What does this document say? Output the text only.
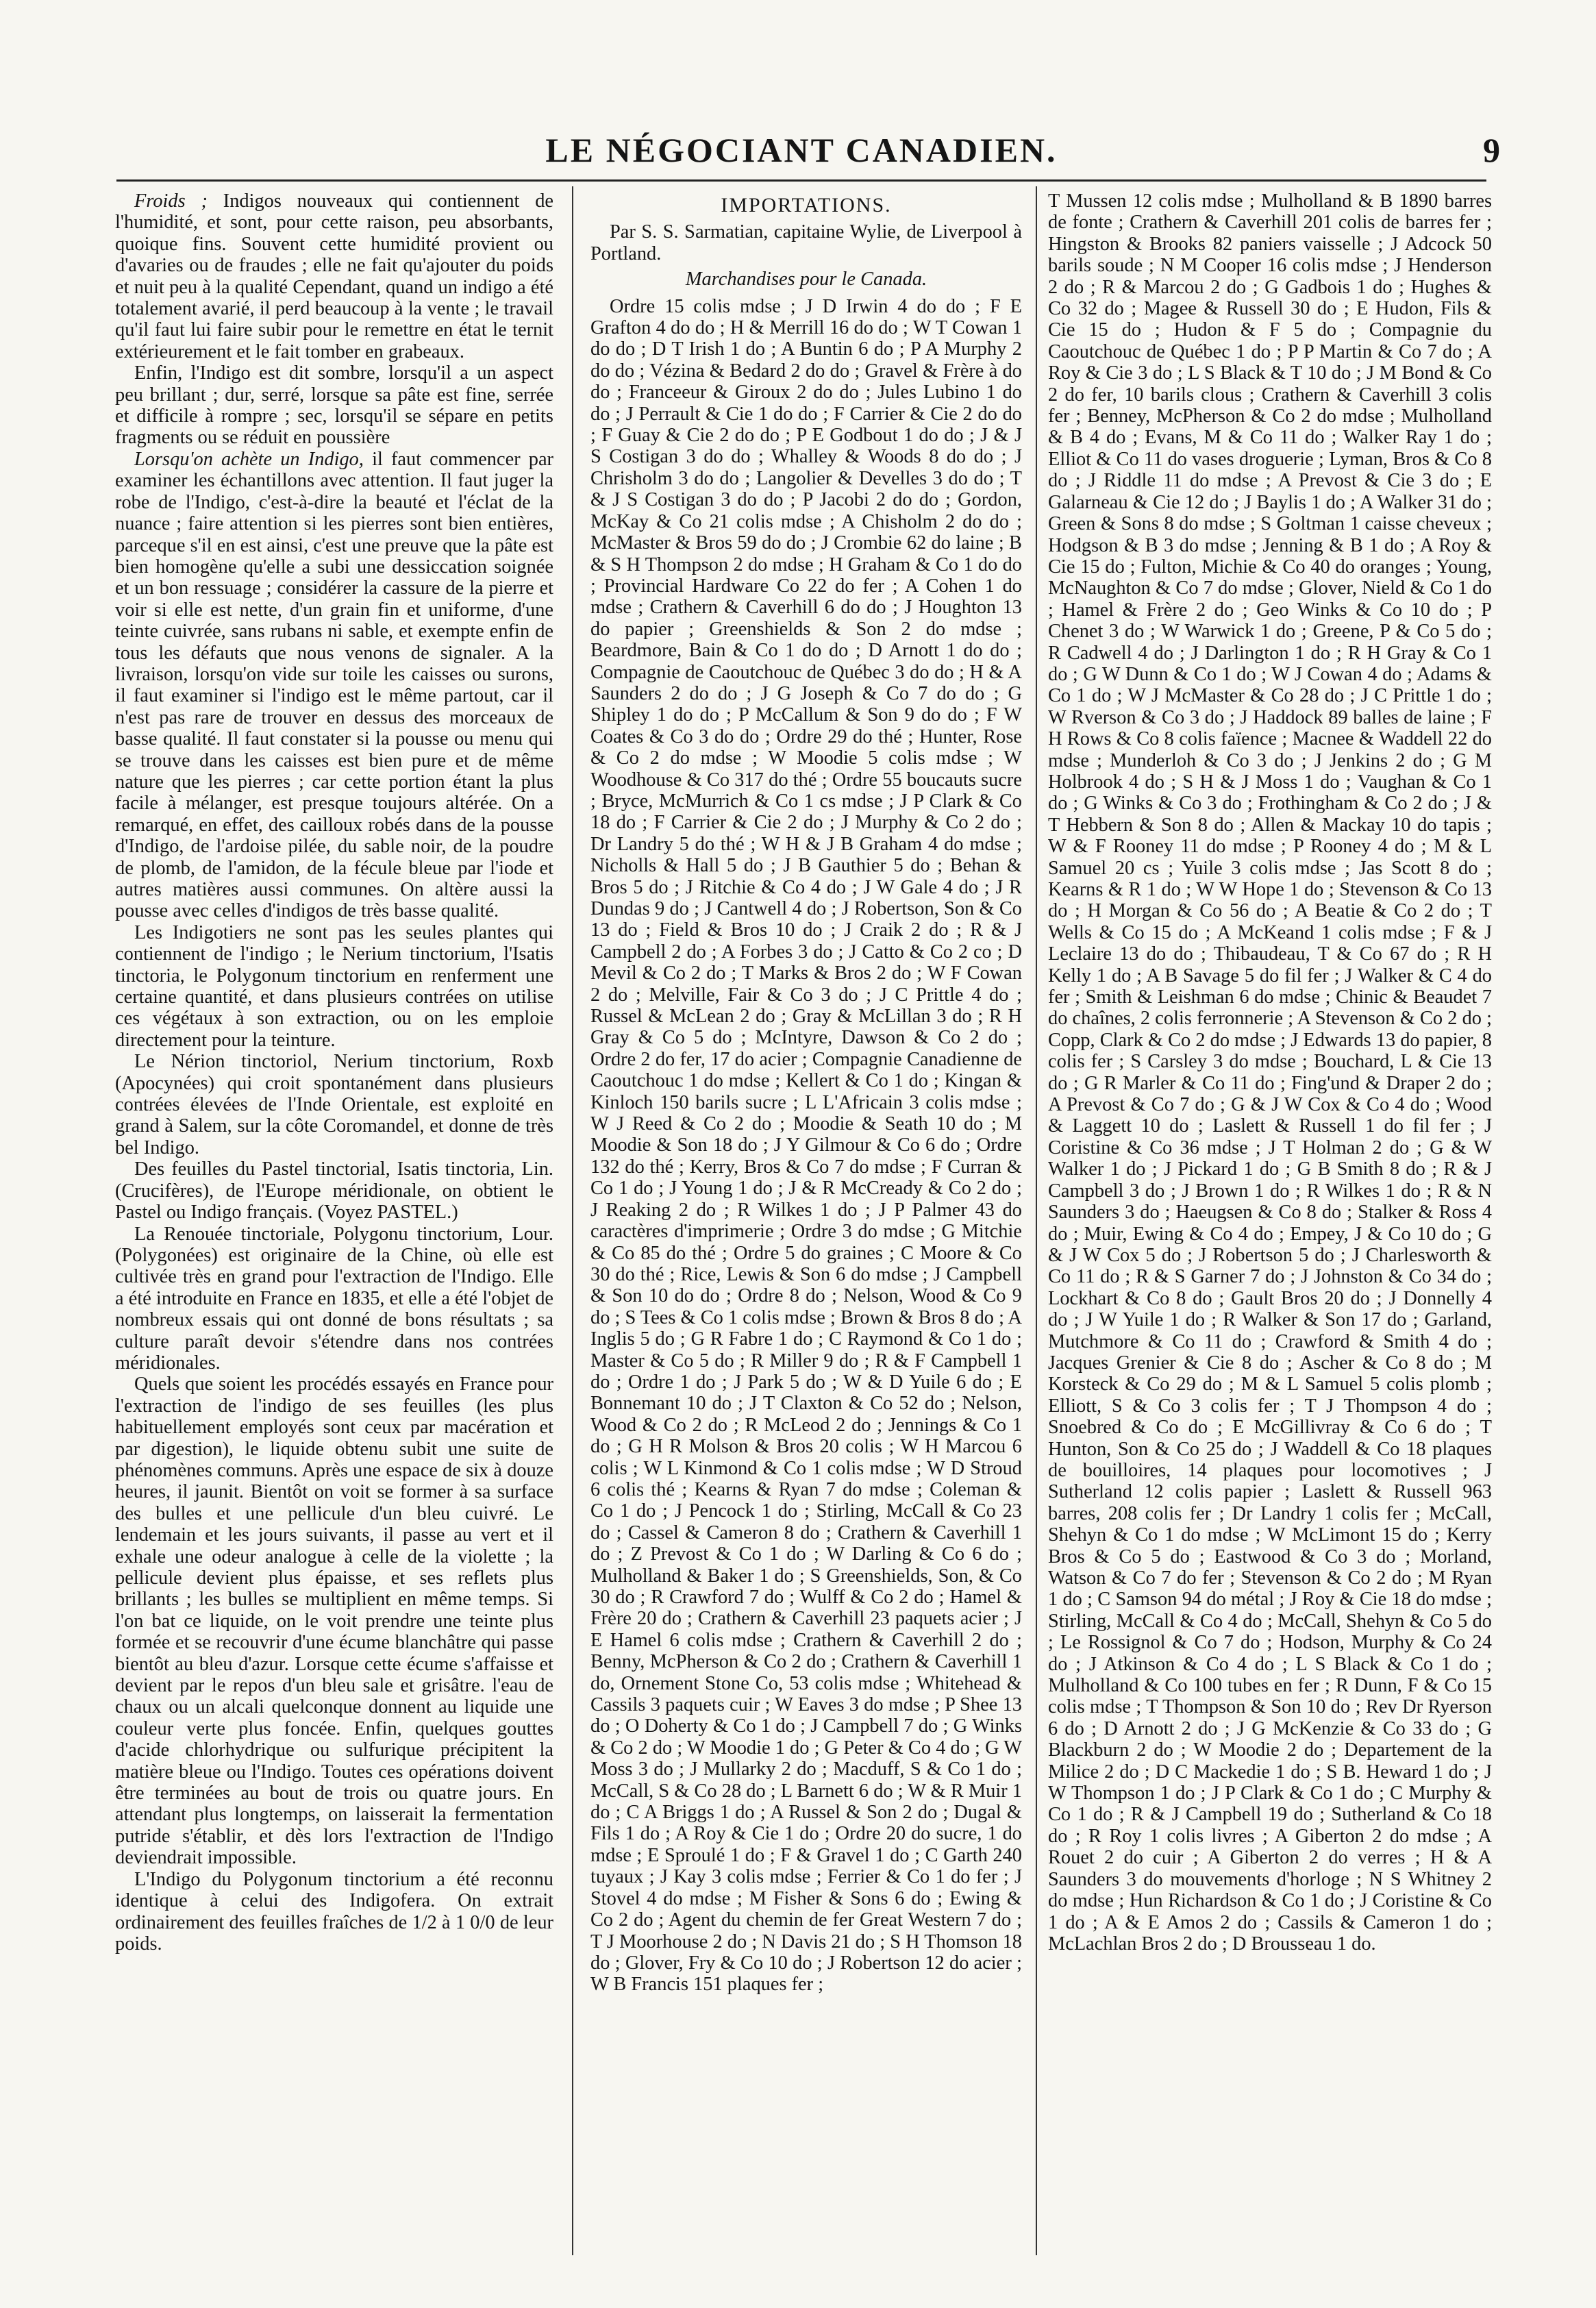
LE NÉGOCIANT CANADIEN.	9

Froids ; Indigos nouveaux qui contiennent de l'humidité, et sont, pour cette raison, peu absorbants, quoique fins. Souvent cette humidité provient ou d'avaries ou de fraudes ; elle ne fait qu'ajouter du poids et nuit peu à la qualité Cependant, quand un indigo a été totalement avarié, il perd beaucoup à la vente ; le travail qu'il faut lui faire subir pour le remettre en état le ternit extérieurement et le fait tomber en grabeaux.

Enfin, l'Indigo est dit sombre, lorsqu'il a un aspect peu brillant ; dur, serré, lorsque sa pâte est fine, serrée et difficile à rompre ; sec, lorsqu'il se sépare en petits fragments ou se réduit en poussière

Lorsqu'on achète un Indigo, il faut commencer par examiner les échantillons avec attention. Il faut juger la robe de l'Indigo, c'est-à-dire la beauté et l'éclat de la nuance ; faire attention si les pierres sont bien entières, parceque s'il en est ainsi, c'est une preuve que la pâte est bien homogène qu'elle a subi une dessiccation soignée et un bon ressuage ; considérer la cassure de la pierre et voir si elle est nette, d'un grain fin et uniforme, d'une teinte cuivrée, sans rubans ni sable, et exempte enfin de tous les défauts que nous venons de signaler. A la livraison, lorsqu'on vide sur toile les caisses ou surons, il faut examiner si l'indigo est le même partout, car il n'est pas rare de trouver en dessus des morceaux de basse qualité. Il faut constater si la pousse ou menu qui se trouve dans les caisses est bien pure et de même nature que les pierres ; car cette portion étant la plus facile à mélanger, est presque toujours altérée. On a remarqué, en effet, des cailloux robés dans de la pousse d'Indigo, de l'ardoise pilée, du sable noir, de la poudre de plomb, de l'amidon, de la fécule bleue par l'iode et autres matières aussi communes. On altère aussi la pousse avec celles d'indigos de très basse qualité.

Les Indigotiers ne sont pas les seules plantes qui contiennent de l'indigo ; le Nerium tinctorium, l'Isatis tinctoria, le Polygonum tinctorium en renferment une certaine quantité, et dans plusieurs contrées on utilise ces végétaux à son extraction, ou on les emploie directement pour la teinture.

Le Nérion tinctoriol, Nerium tinctorium, Roxb (Apocynées) qui croit spontanément dans plusieurs contrées élevées de l'Inde Orientale, est exploité en grand à Salem, sur la côte Coromandel, et donne de très bel Indigo.

Des feuilles du Pastel tinctorial, Isatis tinctoria, Lin. (Crucifères), de l'Europe méridionale, on obtient le Pastel ou Indigo français. (Voyez PASTEL.)

La Renouée tinctoriale, Polygonu tinctorium, Lour. (Polygonées) est originaire de la Chine, où elle est cultivée très en grand pour l'extraction de l'Indigo. Elle a été introduite en France en 1835, et elle a été l'objet de nombreux essais qui ont donné de bons résultats ; sa culture paraît devoir s'étendre dans nos contrées méridionales.

Quels que soient les procédés essayés en France pour l'extraction de l'indigo de ses feuilles (les plus habituellement employés sont ceux par macération et par digestion), le liquide obtenu subit une suite de phénomènes communs. Après une espace de six à douze heures, il jaunit. Bientôt on voit se former à sa surface des bulles et une pellicule d'un bleu cuivré. Le lendemain et les jours suivants, il passe au vert et il exhale une odeur analogue à celle de la violette ; la pellicule devient plus épaisse, et ses reflets plus brillants ; les bulles se multiplient en même temps. Si l'on bat ce liquide, on le voit prendre une teinte plus formée et se recouvrir d'une écume blanchâtre qui passe bientôt au bleu d'azur. Lorsque cette écume s'affaisse et devient par le repos d'un bleu sale et grisâtre. l'eau de chaux ou un alcali quelconque donnent au liquide une couleur verte plus foncée. Enfin, quelques gouttes d'acide chlorhydrique ou sulfurique précipitent la matière bleue ou l'Indigo. Toutes ces opérations doivent être terminées au bout de trois ou quatre jours. En attendant plus longtemps, on laisserait la fermentation putride s'établir, et dès lors l'extraction de l'Indigo deviendrait impossible.

L'Indigo du Polygonum tinctorium a été reconnu identique à celui des Indigofera. On extrait ordinairement des feuilles fraîches de 1/2 à 1 0/0 de leur poids.

IMPORTATIONS.

Par S. S. Sarmatian, capitaine Wylie, de Liverpool à Portland.

Marchandises pour le Canada.

Ordre 15 colis mdse ; J D Irwin 4 do do ; F E Grafton 4 do do ; H & Merrill 16 do do ; W T Cowan 1 do do ; D T Irish 1 do ; A Buntin 6 do ; P A Murphy 2 do do ; Vézina & Bedard 2 do do ; Gravel & Frère à do do ; Franceeur & Giroux 2 do do ; Jules Lubino 1 do do ; J Perrault & Cie 1 do do ; F Carrier & Cie 2 do do ; F Guay & Cie 2 do do ; P E Godbout 1 do do ; J & J S Costigan 3 do do ; Whalley & Woods 8 do do ; J Chrisholm 3 do do ; Langolier & Develles 3 do do ; T & J S Costigan 3 do do ; P Jacobi 2 do do ; Gordon, McKay & Co 21 colis mdse ; A Chisholm 2 do do ; McMaster & Bros 59 do do ; J Crombie 62 do laine ; B & S H Thompson 2 do mdse ; H Graham & Co 1 do do ; Provincial Hardware Co 22 do fer ; A Cohen 1 do mdse ; Crathern & Caverhill 6 do do ; J Houghton 13 do papier ; Greenshields & Son 2 do mdse ; Beardmore, Bain & Co 1 do do ; D Arnott 1 do do ; Compagnie de Caoutchouc de Québec 3 do do ; H & A Saunders 2 do do ; J G Joseph & Co 7 do do ; G Shipley 1 do do ; P McCallum & Son 9 do do ; F W Coates & Co 3 do do ; Ordre 29 do thé ; Hunter, Rose & Co 2 do mdse ; W Moodie 5 colis mdse ; W Woodhouse & Co 317 do thé ; Ordre 55 boucauts sucre ; Bryce, McMurrich & Co 1 cs mdse ; J P Clark & Co 18 do ; F Carrier & Cie 2 do ; J Murphy & Co 2 do ; Dr Landry 5 do thé ; W H & J B Graham 4 do mdse ; Nicholls & Hall 5 do ; J B Gauthier 5 do ; Behan & Bros 5 do ; J Ritchie & Co 4 do ; J W Gale 4 do ; J R Dundas 9 do ; J Cantwell 4 do ; J Robertson, Son & Co 13 do ; Field & Bros 10 do ; J Craik 2 do ; R & J Campbell 2 do ; A Forbes 3 do ; J Catto & Co 2 co ; D Mevil & Co 2 do ; T Marks & Bros 2 do ; W F Cowan 2 do ; Melville, Fair & Co 3 do ; J C Prittle 4 do ; Russel & McLean 2 do ; Gray & McLillan 3 do ; R H Gray & Co 5 do ; McIntyre, Dawson & Co 2 do ; Ordre 2 do fer, 17 do acier ; Compagnie Canadienne de Caoutchouc 1 do mdse ; Kellert & Co 1 do ; Kingan & Kinloch 150 barils sucre ; L L'Africain 3 colis mdse ; W J Reed & Co 2 do ; Moodie & Seath 10 do ; M Moodie & Son 18 do ; J Y Gilmour & Co 6 do ; Ordre 132 do thé ; Kerry, Bros & Co 7 do mdse ; F Curran & Co 1 do ; J Young 1 do ; J & R McCready & Co 2 do ; J Reaking 2 do ; R Wilkes 1 do ; J P Palmer 43 do caractères d'imprimerie ; Ordre 3 do mdse ; G Mitchie & Co 85 do thé ; Ordre 5 do graines ; C Moore & Co 30 do thé ; Rice, Lewis & Son 6 do mdse ; J Campbell & Son 10 do do ; Ordre 8 do ; Nelson, Wood & Co 9 do ; S Tees & Co 1 colis mdse ; Brown & Bros 8 do ; A Inglis 5 do ; G R Fabre 1 do ; C Raymond & Co 1 do ; Master & Co 5 do ; R Miller 9 do ; R & F Campbell 1 do ; Ordre 1 do ; J Park 5 do ; W & D Yuile 6 do ; E Bonnemant 10 do ; J T Claxton & Co 52 do ; Nelson, Wood & Co 2 do ; R McLeod 2 do ; Jennings & Co 1 do ; G H R Molson & Bros 20 colis ; W H Marcou 6 colis ; W L Kinmond & Co 1 colis mdse ; W D Stroud 6 colis thé ; Kearns & Ryan 7 do mdse ; Coleman & Co 1 do ; J Pencock 1 do ; Stirling, McCall & Co 23 do ; Cassel & Cameron 8 do ; Crathern & Caverhill 1 do ; Z Prevost & Co 1 do ; W Darling & Co 6 do ; Mulholland & Baker 1 do ; S Greenshields, Son, & Co 30 do ; R Crawford 7 do ; Wulff & Co 2 do ; Hamel & Frère 20 do ; Crathern & Caverhill 23 paquets acier ; J E Hamel 6 colis mdse ; Crathern & Caverhill 2 do ; Benny, McPherson & Co 2 do ; Crathern & Caverhill 1 do, Ornement Stone Co, 53 colis mdse ; Whitehead & Cassils 3 paquets cuir ; W Eaves 3 do mdse ; P Shee 13 do ; O Doherty & Co 1 do ; J Campbell 7 do ; G Winks & Co 2 do ; W Moodie 1 do ; G Peter & Co 4 do ; G W Moss 3 do ; J Mullarky 2 do ; Macduff, S & Co 1 do ; McCall, S & Co 28 do ; L Barnett 6 do ; W & R Muir 1 do ; C A Briggs 1 do ; A Russel & Son 2 do ; Dugal & Fils 1 do ; A Roy & Cie 1 do ; Ordre 20 do sucre, 1 do mdse ; E Sproulé 1 do ; F & Gravel 1 do ; C Garth 240 tuyaux ; J Kay 3 colis mdse ; Ferrier & Co 1 do fer ; J Stovel 4 do mdse ; M Fisher & Sons 6 do ; Ewing & Co 2 do ; Agent du chemin de fer Great Western 7 do ; T J Moorhouse 2 do ; N Davis 21 do ; S H Thomson 18 do ; Glover, Fry & Co 10 do ; J Robertson 12 do acier ; W B Francis 151 plaques fer ;

T Mussen 12 colis mdse ; Mulholland & B 1890 barres de fonte ; Crathern & Caverhill 201 colis de barres fer ; Hingston & Brooks 82 paniers vaisselle ; J Adcock 50 barils soude ; N M Cooper 16 colis mdse ; J Henderson 2 do ; R & Marcou 2 do ; G Gadbois 1 do ; Hughes & Co 32 do ; Magee & Russell 30 do ; E Hudon, Fils & Cie 15 do ; Hudon & F 5 do ; Compagnie du Caoutchouc de Québec 1 do ; P P Martin & Co 7 do ; A Roy & Cie 3 do ; L S Black & T 10 do ; J M Bond & Co 2 do fer, 10 barils clous ; Crathern & Caverhill 3 colis fer ; Benney, McPherson & Co 2 do mdse ; Mulholland & B 4 do ; Evans, M & Co 11 do ; Walker Ray 1 do ; Elliot & Co 11 do vases droguerie ; Lyman, Bros & Co 8 do ; J Riddle 11 do mdse ; A Prevost & Cie 3 do ; E Galarneau & Cie 12 do ; J Baylis 1 do ; A Walker 31 do ; Green & Sons 8 do mdse ; S Goltman 1 caisse cheveux ; Hodgson & B 3 do mdse ; Jenning & B 1 do ; A Roy & Cie 15 do ; Fulton, Michie & Co 40 do oranges ; Young, McNaughton & Co 7 do mdse ; Glover, Nield & Co 1 do ; Hamel & Frère 2 do ; Geo Winks & Co 10 do ; P Chenet 3 do ; W Warwick 1 do ; Greene, P & Co 5 do ; R Cadwell 4 do ; J Darlington 1 do ; R H Gray & Co 1 do ; G W Dunn & Co 1 do ; W J Cowan 4 do ; Adams & Co 1 do ; W J McMaster & Co 28 do ; J C Prittle 1 do ; W Rverson & Co 3 do ; J Haddock 89 balles de laine ; F H Rows & Co 8 colis faïence ; Macnee & Waddell 22 do mdse ; Munderloh & Co 3 do ; J Jenkins 2 do ; G M Holbrook 4 do ; S H & J Moss 1 do ; Vaughan & Co 1 do ; G Winks & Co 3 do ; Frothingham & Co 2 do ; J & T Hebbern & Son 8 do ; Allen & Mackay 10 do tapis ; W & F Rooney 11 do mdse ; P Rooney 4 do ; M & L Samuel 20 cs ; Yuile 3 colis mdse ; Jas Scott 8 do ; Kearns & R 1 do ; W W Hope 1 do ; Stevenson & Co 13 do ; H Morgan & Co 56 do ; A Beatie & Co 2 do ; T Wells & Co 15 do ; A McKeand 1 colis mdse ; F & J Leclaire 13 do do ; Thibaudeau, T & Co 67 do ; R H Kelly 1 do ; A B Savage 5 do fil fer ; J Walker & C 4 do fer ; Smith & Leishman 6 do mdse ; Chinic & Beaudet 7 do chaînes, 2 colis ferronnerie ; A Stevenson & Co 2 do ; Copp, Clark & Co 2 do mdse ; J Edwards 13 do papier, 8 colis fer ; S Carsley 3 do mdse ; Bouchard, L & Cie 13 do ; G R Marler & Co 11 do ; Fing'und & Draper 2 do ; A Prevost & Co 7 do ; G & J W Cox & Co 4 do ; Wood & Laggett 10 do ; Laslett & Russell 1 do fil fer ; J Coristine & Co 36 mdse ; J T Holman 2 do ; G & W Walker 1 do ; J Pickard 1 do ; G B Smith 8 do ; R & J Campbell 3 do ; J Brown 1 do ; R Wilkes 1 do ; R & N Saunders 3 do ; Haeugsen & Co 8 do ; Stalker & Ross 4 do ; Muir, Ewing & Co 4 do ; Empey, J & Co 10 do ; G & J W Cox 5 do ; J Robertson 5 do ; J Charlesworth & Co 11 do ; R & S Garner 7 do ; J Johnston & Co 34 do ; Lockhart & Co 8 do ; Gault Bros 20 do ; J Donnelly 4 do ; J W Yuile 1 do ; R Walker & Son 17 do ; Garland, Mutchmore & Co 11 do ; Crawford & Smith 4 do ; Jacques Grenier & Cie 8 do ; Ascher & Co 8 do ; M Korsteck & Co 29 do ; M & L Samuel 5 colis plomb ; Elliott, S & Co 3 colis fer ; T J Thompson 4 do ; Snoebred & Co do ; E McGillivray & Co 6 do ; T Hunton, Son & Co 25 do ; J Waddell & Co 18 plaques de bouilloires, 14 plaques pour locomotives ; J Sutherland 12 colis papier ; Laslett & Russell 963 barres, 208 colis fer ; Dr Landry 1 colis fer ; McCall, Shehyn & Co 1 do mdse ; W McLimont 15 do ; Kerry Bros & Co 5 do ; Eastwood & Co 3 do ; Morland, Watson & Co 7 do fer ; Stevenson & Co 2 do ; M Ryan 1 do ; C Samson 94 do métal ; J Roy & Cie 18 do mdse ; Stirling, McCall & Co 4 do ; McCall, Shehyn & Co 5 do ; Le Rossignol & Co 7 do ; Hodson, Murphy & Co 24 do ; J Atkinson & Co 4 do ; L S Black & Co 1 do ; Mulholland & Co 100 tubes en fer ; R Dunn, F & Co 15 colis mdse ; T Thompson & Son 10 do ; Rev Dr Ryerson 6 do ; D Arnott 2 do ; J G McKenzie & Co 33 do ; G Blackburn 2 do ; W Moodie 2 do ; Departement de la Milice 2 do ; D C Mackedie 1 do ; S B. Heward 1 do ; J W Thompson 1 do ; J P Clark & Co 1 do ; C Murphy & Co 1 do ; R & J Campbell 19 do ; Sutherland & Co 18 do ; R Roy 1 colis livres ; A Giberton 2 do mdse ; A Rouet 2 do cuir ; A Giberton 2 do verres ; H & A Saunders 3 do mouvements d'horloge ; N S Whitney 2 do mdse ; Hun Richardson & Co 1 do ; J Coristine & Co 1 do ; A & E Amos 2 do ; Cassils & Cameron 1 do ; McLachlan Bros 2 do ; D Brousseau 1 do.
